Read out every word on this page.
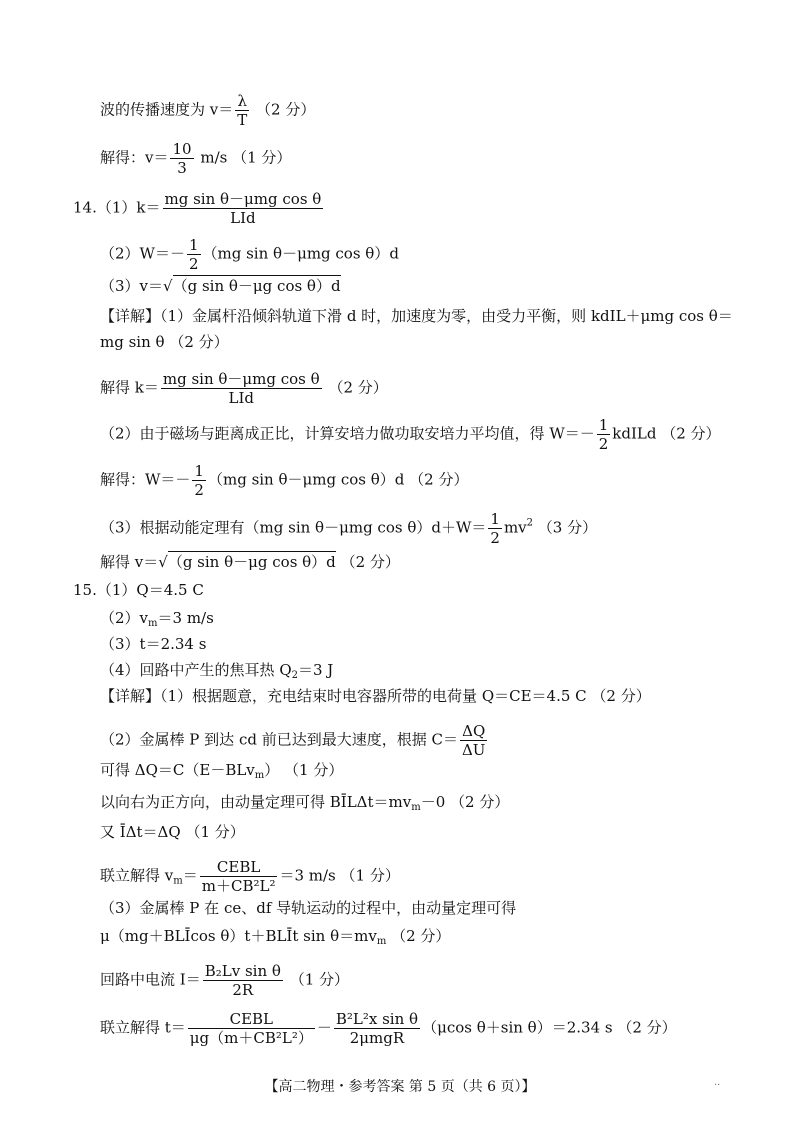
波的传播速度为 $v= \frac{\lambda}{T} (2$ 分）
解得：$v= \frac{10}{3} m/s$ （1 分）
$14.(1)k= \frac{\text{mg sin θ－μmg cos θ}}{\text{LId}}$
$(2)W=- \frac{1}{2} (mg$ sin θ－μmg cos θ）d
（3）v＝√（g sin θ－μg cos θ）d
【详解】（1）金属杆沿倾斜轨道下滑 d 时，加速度为零，由受力平衡，则 kdIL＋μmg cos θ＝
mg sin θ （2 分）
解得 $k= \frac{\text{mg sin θ－μmg cos θ}}{\text{LId}} (2$ 分）
（2）由于磁场与距离成正比，计算安培力做功取安培力平均值，得 $W=- \frac{1}{2}$ kdILd （2 分）
解得：$W=- \frac{1}{2} (mg$ sin θ－μmg cos θ）d （2 分）
（3）根据动能定理有（mg sin θ－μmg $\cos \theta)d+W= \frac{1}{2} mv^2$ （3 分）
解得 v＝√（g sin θ－μg cos θ）d （2 分）
15.（1）Q＝4.5 C
$(2)v_m=3$ m/s
（3）t＝2.34 s
（4）回路中产生的焦耳热 $Q_2=3$ J
【详解】（1）根据题意，充电结束时电容器所带的电荷量 Q＝CE＝4.5 C （2 分）
（2）金属棒 P 到达 cd 前已达到最大速度，根据 $C= \frac{\Delta Q}{\Delta U}$
可得 ΔQ＝C（E－BLv$_m$） （1 分）
以向右为正方向，由动量定理可得 $BĪL\Delta t=mv_m-0$ （2 分）
又 ĪΔt＝ΔQ （1 分）
联立解得 $v_m= \frac{\text{CEBL}}{\text{m＋CB²L²}} =3$ m/s （1 分）
（3）金属棒 P 在 ce、df 导轨运动的过程中，由动量定理可得
μ（mg＋BLĪcos θ）t＋BLĪt $\sin \theta=mv_m$ （2 分）
回路中电流 $I= \frac{\text{B₂Lv sin θ}}{2R} (1$ 分）
联立解得 $t= \frac{\text{CEBL}}{\text{μg（m＋CB²L²）}} - \frac{\text{B²L²x sin θ}}{\text{2μmgR}} (\mu\cos$ θ＋sin θ）＝2.34 s （2 分）
【高二物理・参考答案 第 5 页（共 6 页）】	··
